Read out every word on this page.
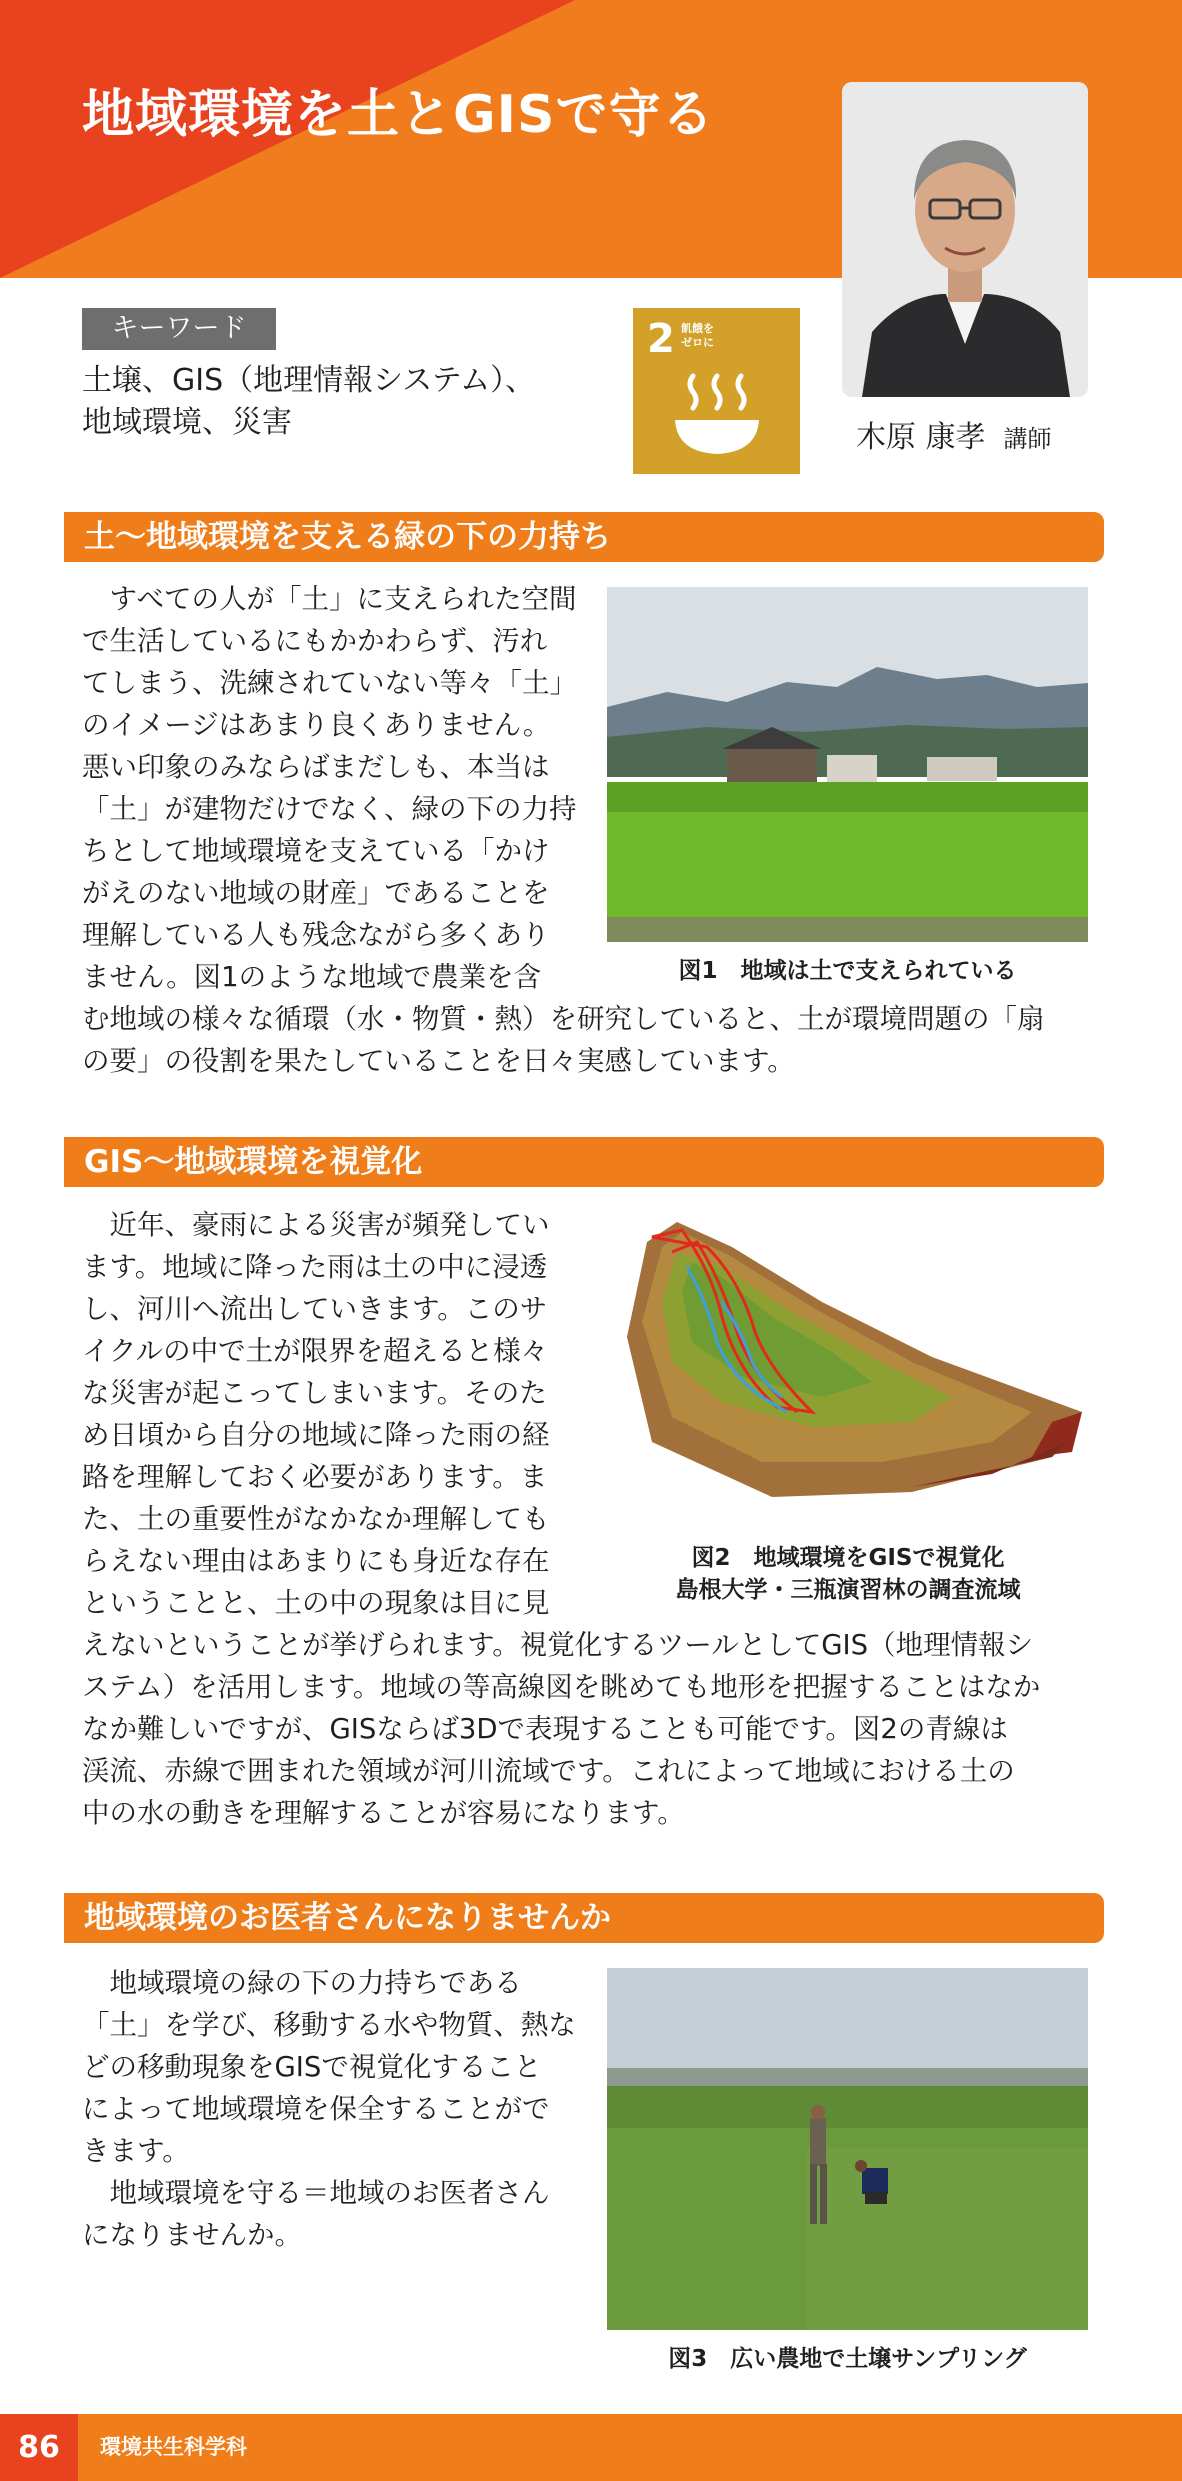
地域環境を土とGISで守る
キーワード
土壌、GIS（地理情報システム）、
地域環境、災害
2 飢餓を
ゼロに
木原 康孝 講師
土～地域環境を支える緑の下の力持ち
図1　地域は土で支えられている

　すべての人が「土」に支えられた空間
で生活しているにもかかわらず、汚れ
てしまう、洗練されていない等々「土」
のイメージはあまり良くありません。
悪い印象のみならばまだしも、本当は
「土」が建物だけでなく、緑の下の力持
ちとして地域環境を支えている「かけ
がえのない地域の財産」であることを
理解している人も残念ながら多くあり
ません。図1のような地域で農業を含
む地域の様々な循環（水・物質・熱）を研究していると、土が環境問題の「扇
の要」の役割を果たしていることを日々実感しています。

GIS～地域環境を視覚化
図2　地域環境をGISで視覚化
島根大学・三瓶演習林の調査流域

　近年、豪雨による災害が頻発してい
ます。地域に降った雨は土の中に浸透
し、河川へ流出していきます。このサ
イクルの中で土が限界を超えると様々
な災害が起こってしまいます。そのた
め日頃から自分の地域に降った雨の経
路を理解しておく必要があります。ま
た、土の重要性がなかなか理解しても
らえない理由はあまりにも身近な存在
ということと、土の中の現象は目に見
えないということが挙げられます。視覚化するツールとしてGIS（地理情報シ
ステム）を活用します。地域の等高線図を眺めても地形を把握することはなか
なか難しいですが、GISならば3Dで表現することも可能です。図2の青線は
渓流、赤線で囲まれた領域が河川流域です。これによって地域における土の
中の水の動きを理解することが容易になります。

地域環境のお医者さんになりませんか
図3　広い農地で土壌サンプリング

　地域環境の緑の下の力持ちである
「土」を学び、移動する水や物質、熱な
どの移動現象をGISで視覚化すること
によって地域環境を保全することがで
きます。
　地域環境を守る＝地域のお医者さん
になりませんか。

86	環境共生科学科
